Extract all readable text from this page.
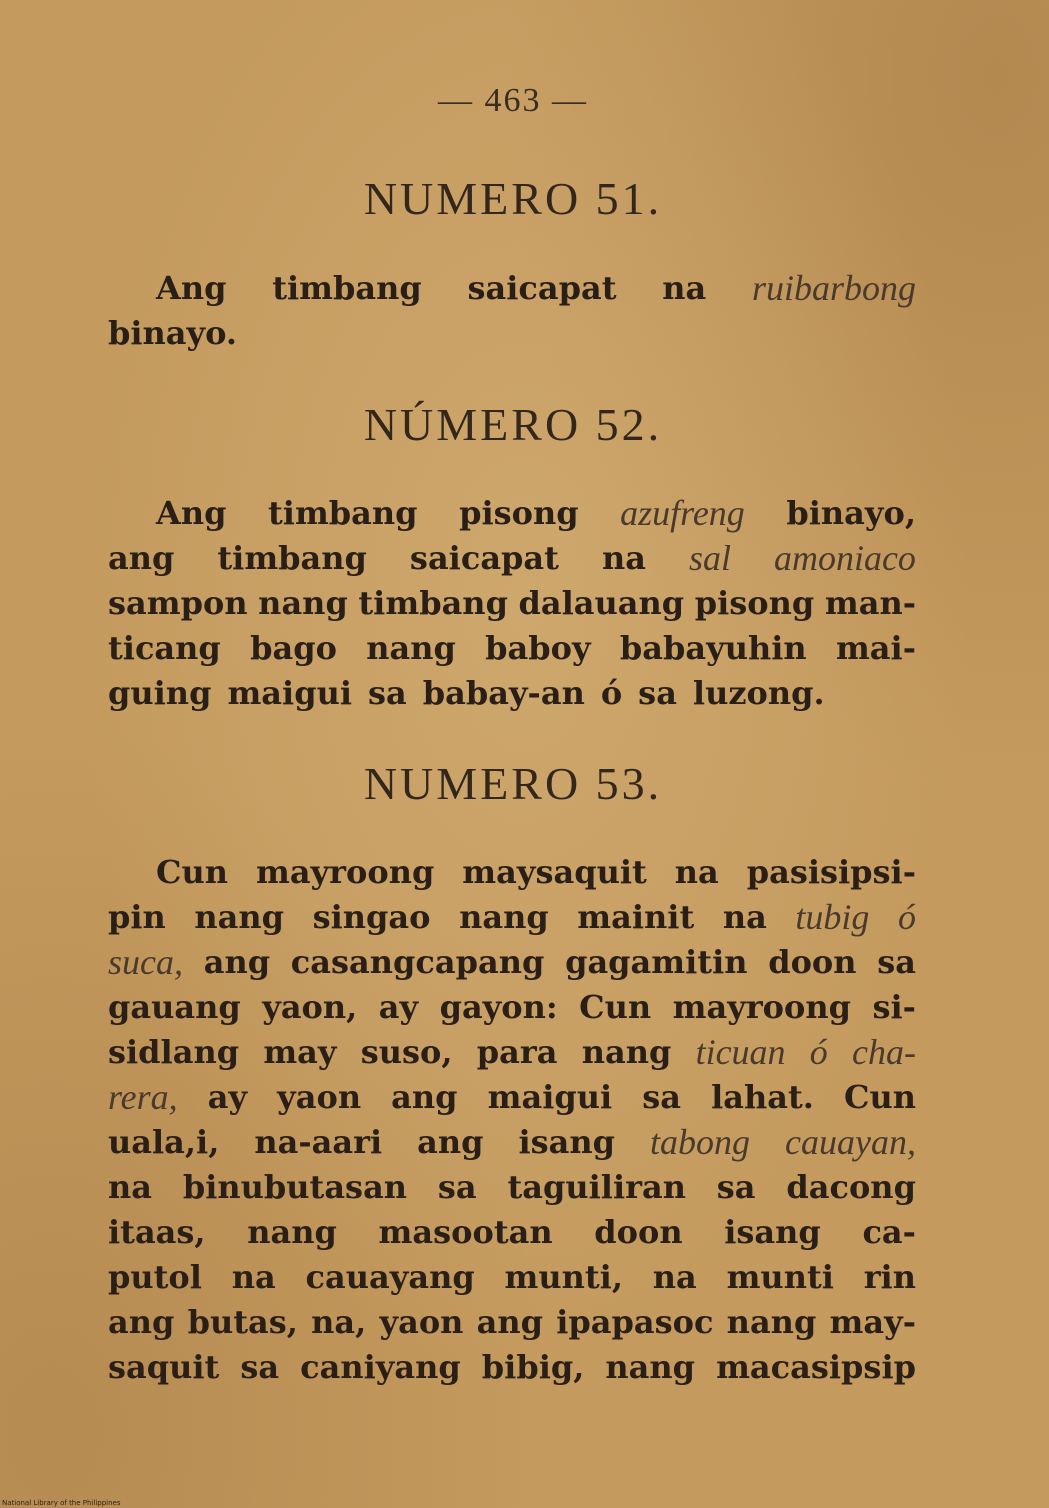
— 463 —
NUMERO 51.
Ang timbang saicapat na ruibarbong
binayo.
NÚMERO 52.
Ang timbang pisong azufreng binayo,
ang timbang saicapat na sal amoniaco
sampon nang timbang dalauang pisong man-
ticang bago nang baboy babayuhin mai-
guing maigui sa babay-an ó sa luzong.
NUMERO 53.
Cun mayroong maysaquit na pasisipsi-
pin nang singao nang mainit na tubig ó
suca, ang casangcapang gagamitin doon sa
gauang yaon, ay gayon: Cun mayroong si-
sidlang may suso, para nang ticuan ó cha-
rera, ay yaon ang maigui sa lahat. Cun
uala,i, na-aari ang isang tabong cauayan,
na binubutasan sa taguiliran sa dacong
itaas, nang masootan doon isang ca-
putol na cauayang munti, na munti rin
ang butas, na, yaon ang ipapasoc nang may-
saquit sa caniyang bibig, nang macasipsip
National Library of the Philippines
